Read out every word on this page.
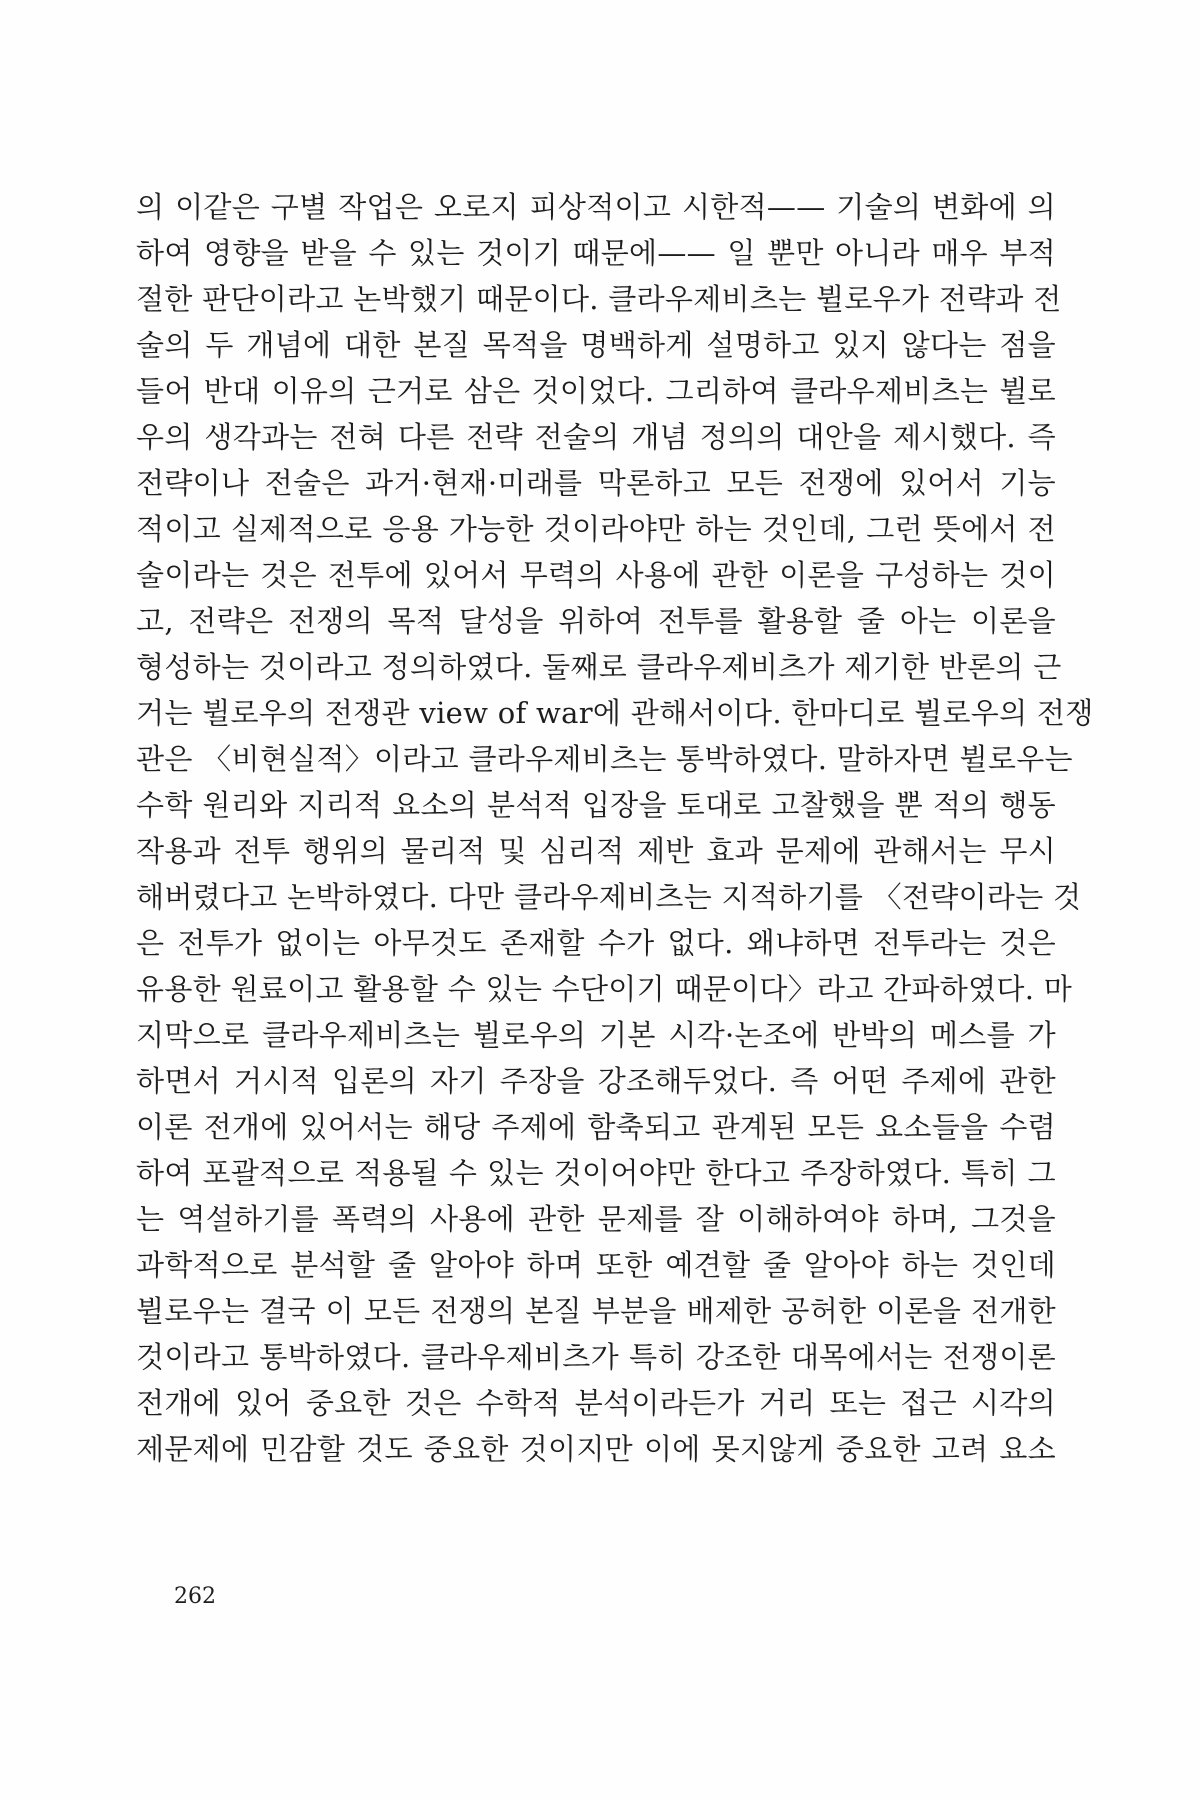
의 이같은 구별 작업은 오로지 피상적이고 시한적—— 기술의 변화에 의
하여 영향을 받을 수 있는 것이기 때문에—— 일 뿐만 아니라 매우 부적
절한 판단이라고 논박했기 때문이다. 클라우제비츠는 뷜로우가 전략과 전
술의 두 개념에 대한 본질 목적을 명백하게 설명하고 있지 않다는 점을
들어 반대 이유의 근거로 삼은 것이었다. 그리하여 클라우제비츠는 뷜로
우의 생각과는 전혀 다른 전략 전술의 개념 정의의 대안을 제시했다. 즉
전략이나 전술은 과거·현재·미래를 막론하고 모든 전쟁에 있어서 기능
적이고 실제적으로 응용 가능한 것이라야만 하는 것인데, 그런 뜻에서 전
술이라는 것은 전투에 있어서 무력의 사용에 관한 이론을 구성하는 것이
고, 전략은 전쟁의 목적 달성을 위하여 전투를 활용할 줄 아는 이론을
형성하는 것이라고 정의하였다. 둘째로 클라우제비츠가 제기한 반론의 근
거는 뷜로우의 전쟁관 view of war에 관해서이다. 한마디로 뷜로우의 전쟁
관은 〈비현실적〉이라고 클라우제비츠는 통박하였다. 말하자면 뷜로우는
수학 원리와 지리적 요소의 분석적 입장을 토대로 고찰했을 뿐 적의 행동
작용과 전투 행위의 물리적 및 심리적 제반 효과 문제에 관해서는 무시
해버렸다고 논박하였다. 다만 클라우제비츠는 지적하기를 〈전략이라는 것
은 전투가 없이는 아무것도 존재할 수가 없다. 왜냐하면 전투라는 것은
유용한 원료이고 활용할 수 있는 수단이기 때문이다〉라고 간파하였다. 마
지막으로 클라우제비츠는 뷜로우의 기본 시각·논조에 반박의 메스를 가
하면서 거시적 입론의 자기 주장을 강조해두었다. 즉 어떤 주제에 관한
이론 전개에 있어서는 해당 주제에 함축되고 관계된 모든 요소들을 수렴
하여 포괄적으로 적용될 수 있는 것이어야만 한다고 주장하였다. 특히 그
는 역설하기를 폭력의 사용에 관한 문제를 잘 이해하여야 하며, 그것을
과학적으로 분석할 줄 알아야 하며 또한 예견할 줄 알아야 하는 것인데
뷜로우는 결국 이 모든 전쟁의 본질 부분을 배제한 공허한 이론을 전개한
것이라고 통박하였다. 클라우제비츠가 특히 강조한 대목에서는 전쟁이론
전개에 있어 중요한 것은 수학적 분석이라든가 거리 또는 접근 시각의
제문제에 민감할 것도 중요한 것이지만 이에 못지않게 중요한 고려 요소
262
